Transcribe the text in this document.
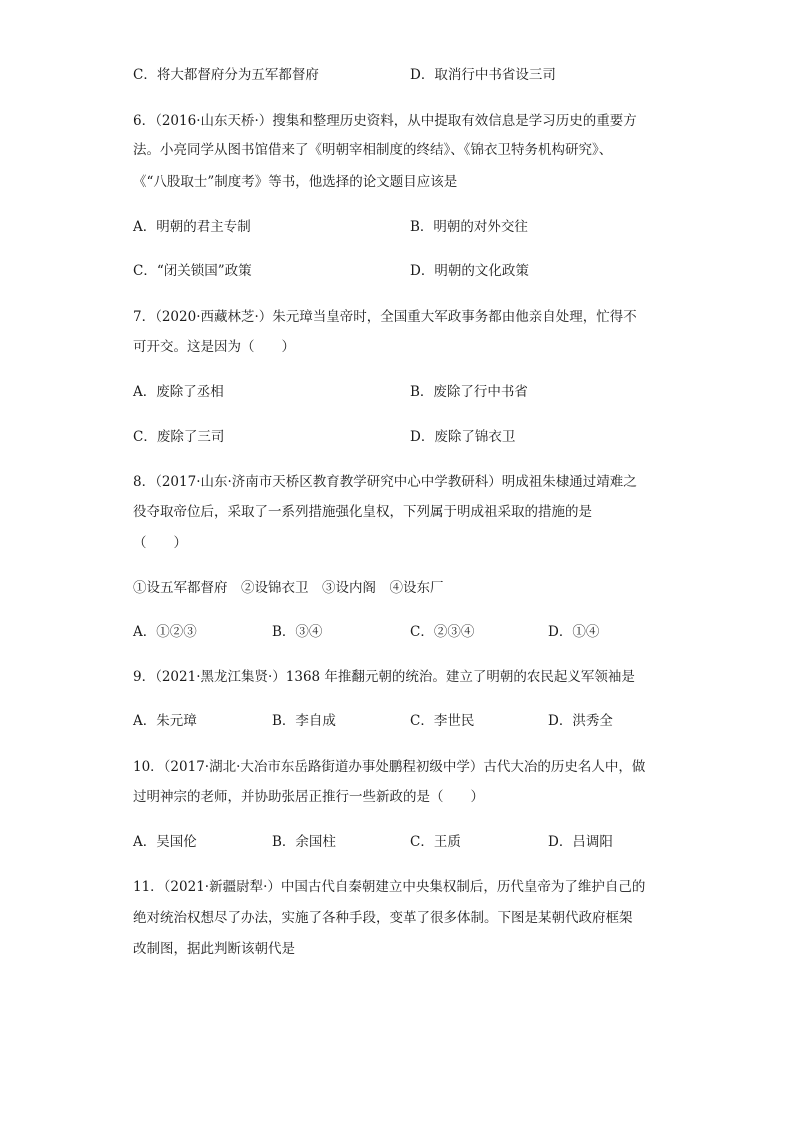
C．将大都督府分为五军都督府	D．取消行中书省设三司
6．（2016·山东天桥·）搜集和整理历史资料，从中提取有效信息是学习历史的重要方
法。小亮同学从图书馆借来了《明朝宰相制度的终结》、《锦衣卫特务机构研究》、
《“八股取士”制度考》等书，他选择的论文题目应该是
A．明朝的君主专制	B．明朝的对外交往
C．“闭关锁国”政策	D．明朝的文化政策
7．（2020·西藏林芝·）朱元璋当皇帝时，全国重大军政事务都由他亲自处理，忙得不
可开交。这是因为（　　）
A．废除了丞相	B．废除了行中书省
C．废除了三司	D．废除了锦衣卫
8．（2017·山东·济南市天桥区教育教学研究中心中学教研科）明成祖朱棣通过靖难之
役夺取帝位后，采取了一系列措施强化皇权，下列属于明成祖采取的措施的是
（　　）
①设五军都督府　②设锦衣卫　③设内阁　④设东厂
A．①②③	B．③④	C．②③④	D．①④
9．（2021·黑龙江集贤·）1368 年推翻元朝的统治。建立了明朝的农民起义军领袖是
A．朱元璋	B．李自成	C．李世民	D．洪秀全
10．（2017·湖北·大冶市东岳路街道办事处鹏程初级中学）古代大冶的历史名人中，做
过明神宗的老师，并协助张居正推行一些新政的是（　　）
A．吴国伦	B．余国柱	C．王质	D．吕调阳
11．（2021·新疆尉犁·）中国古代自秦朝建立中央集权制后，历代皇帝为了维护自己的
绝对统治权想尽了办法，实施了各种手段，变革了很多体制。下图是某朝代政府框架
改制图，据此判断该朝代是
